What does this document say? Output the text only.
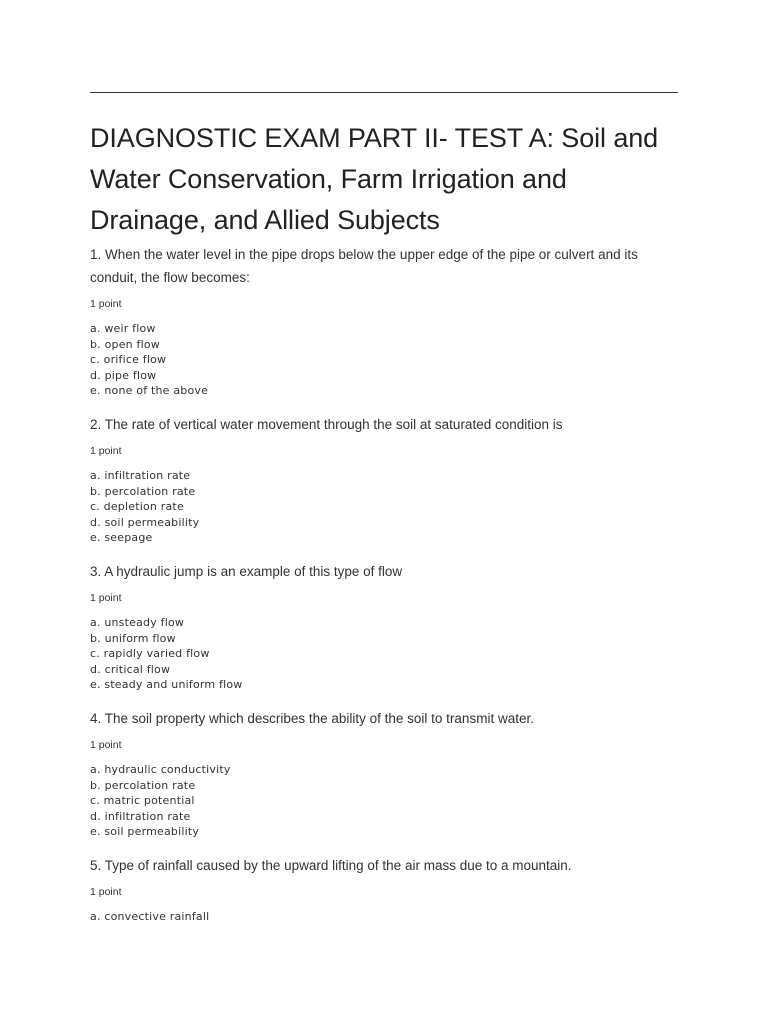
DIAGNOSTIC EXAM PART II- TEST A: Soil and Water Conservation, Farm Irrigation and Drainage, and Allied Subjects

1. When the water level in the pipe drops below the upper edge of the pipe or culvert and its conduit, the flow becomes:

1 point

a. weir flow
b. open flow
c. orifice flow
d. pipe flow
e. none of the above

2. The rate of vertical water movement through the soil at saturated condition is

1 point

a. infiltration rate
b. percolation rate
c. depletion rate
d. soil permeability
e. seepage

3. A hydraulic jump is an example of this type of flow

1 point

a. unsteady flow
b. uniform flow
c. rapidly varied flow
d. critical flow
e. steady and uniform flow

4. The soil property which describes the ability of the soil to transmit water.

1 point

a. hydraulic conductivity
b. percolation rate
c. matric potential
d. infiltration rate
e. soil permeability

5. Type of rainfall caused by the upward lifting of the air mass due to a mountain.

1 point

a. convective rainfall
